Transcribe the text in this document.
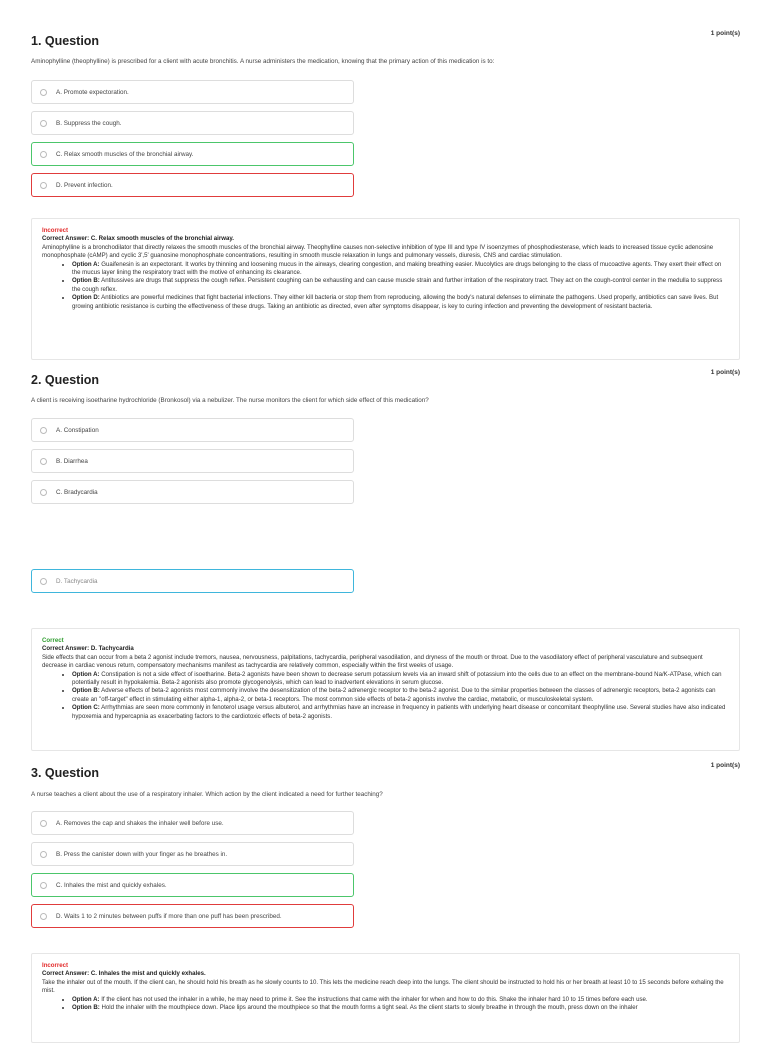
1. Question
1 point(s)
Aminophylline (theophylline) is prescribed for a client with acute bronchitis. A nurse administers the medication, knowing that the primary action of this medication is to:
A. Promote expectoration.
B. Suppress the cough.
C. Relax smooth muscles of the bronchial airway.
D. Prevent infection.
Incorrect
Correct Answer: C. Relax smooth muscles of the bronchial airway.
Aminophylline is a bronchodilator that directly relaxes the smooth muscles of the bronchial airway. Theophylline causes non-selective inhibition of type III and type IV isoenzymes of phosphodiesterase, which leads to increased tissue cyclic adenosine monophosphate (cAMP) and cyclic 3',5' guanosine monophosphate concentrations, resulting in smooth muscle relaxation in lungs and pulmonary vessels, diuresis, CNS and cardiac stimulation.
• Option A: Guaifenesin is an expectorant. It works by thinning and loosening mucus in the airways, clearing congestion, and making breathing easier. Mucolytics are drugs belonging to the class of mucoactive agents. They exert their effect on the mucus layer lining the respiratory tract with the motive of enhancing its clearance.
• Option B: Antitussives are drugs that suppress the cough reflex. Persistent coughing can be exhausting and can cause muscle strain and further irritation of the respiratory tract. They act on the cough-control center in the medulla to suppress the cough reflex.
• Option D: Antibiotics are powerful medicines that fight bacterial infections. They either kill bacteria or stop them from reproducing, allowing the body's natural defenses to eliminate the pathogens. Used properly, antibiotics can save lives. But growing antibiotic resistance is curbing the effectiveness of these drugs. Taking an antibiotic as directed, even after symptoms disappear, is key to curing infection and preventing the development of resistant bacteria.
2. Question
1 point(s)
A client is receiving isoetharine hydrochloride (Bronkosol) via a nebulizer. The nurse monitors the client for which side effect of this medication?
A. Constipation
B. Diarrhea
C. Bradycardia
D. Tachycardia
Correct
Correct Answer: D. Tachycardia
Side effects that can occur from a beta 2 agonist include tremors, nausea, nervousness, palpitations, tachycardia, peripheral vasodilation, and dryness of the mouth or throat. Due to the vasodilatory effect of peripheral vasculature and subsequent decrease in cardiac venous return, compensatory mechanisms manifest as tachycardia are relatively common, especially within the first weeks of usage.
• Option A: Constipation is not a side effect of isoetharine. Beta-2 agonists have been shown to decrease serum potassium levels via an inward shift of potassium into the cells due to an effect on the membrane-bound Na/K-ATPase, which can potentially result in hypokalemia. Beta-2 agonists also promote glycogenolysis, which can lead to inadvertent elevations in serum glucose.
• Option B: Adverse effects of beta-2 agonists most commonly involve the desensitization of the beta-2 adrenergic receptor to the beta-2 agonist. Due to the similar properties between the classes of adrenergic receptors, beta-2 agonists can create an "off-target" effect in stimulating either alpha-1, alpha-2, or beta-1 receptors. The most common side effects of beta-2 agonists involve the cardiac, metabolic, or musculoskeletal system.
• Option C: Arrhythmias are seen more commonly in fenoterol usage versus albuterol, and arrhythmias have an increase in frequency in patients with underlying heart disease or concomitant theophylline use. Several studies have also indicated hypoxemia and hypercapnia as exacerbating factors to the cardiotoxic effects of beta-2 agonists.
3. Question
1 point(s)
A nurse teaches a client about the use of a respiratory inhaler. Which action by the client indicated a need for further teaching?
A. Removes the cap and shakes the inhaler well before use.
B. Press the canister down with your finger as he breathes in.
C. Inhales the mist and quickly exhales.
D. Waits 1 to 2 minutes between puffs if more than one puff has been prescribed.
Incorrect
Correct Answer: C. Inhales the mist and quickly exhales.
Take the inhaler out of the mouth. If the client can, he should hold his breath as he slowly counts to 10. This lets the medicine reach deep into the lungs. The client should be instructed to hold his or her breath at least 10 to 15 seconds before exhaling the mist.
• Option A: If the client has not used the inhaler in a while, he may need to prime it. See the instructions that came with the inhaler for when and how to do this. Shake the inhaler hard 10 to 15 times before each use.
• Option B: Hold the inhaler with the mouthpiece down. Place lips around the mouthpiece so that the mouth forms a tight seal. As the client starts to slowly breathe in through the mouth, press down on the inhaler
